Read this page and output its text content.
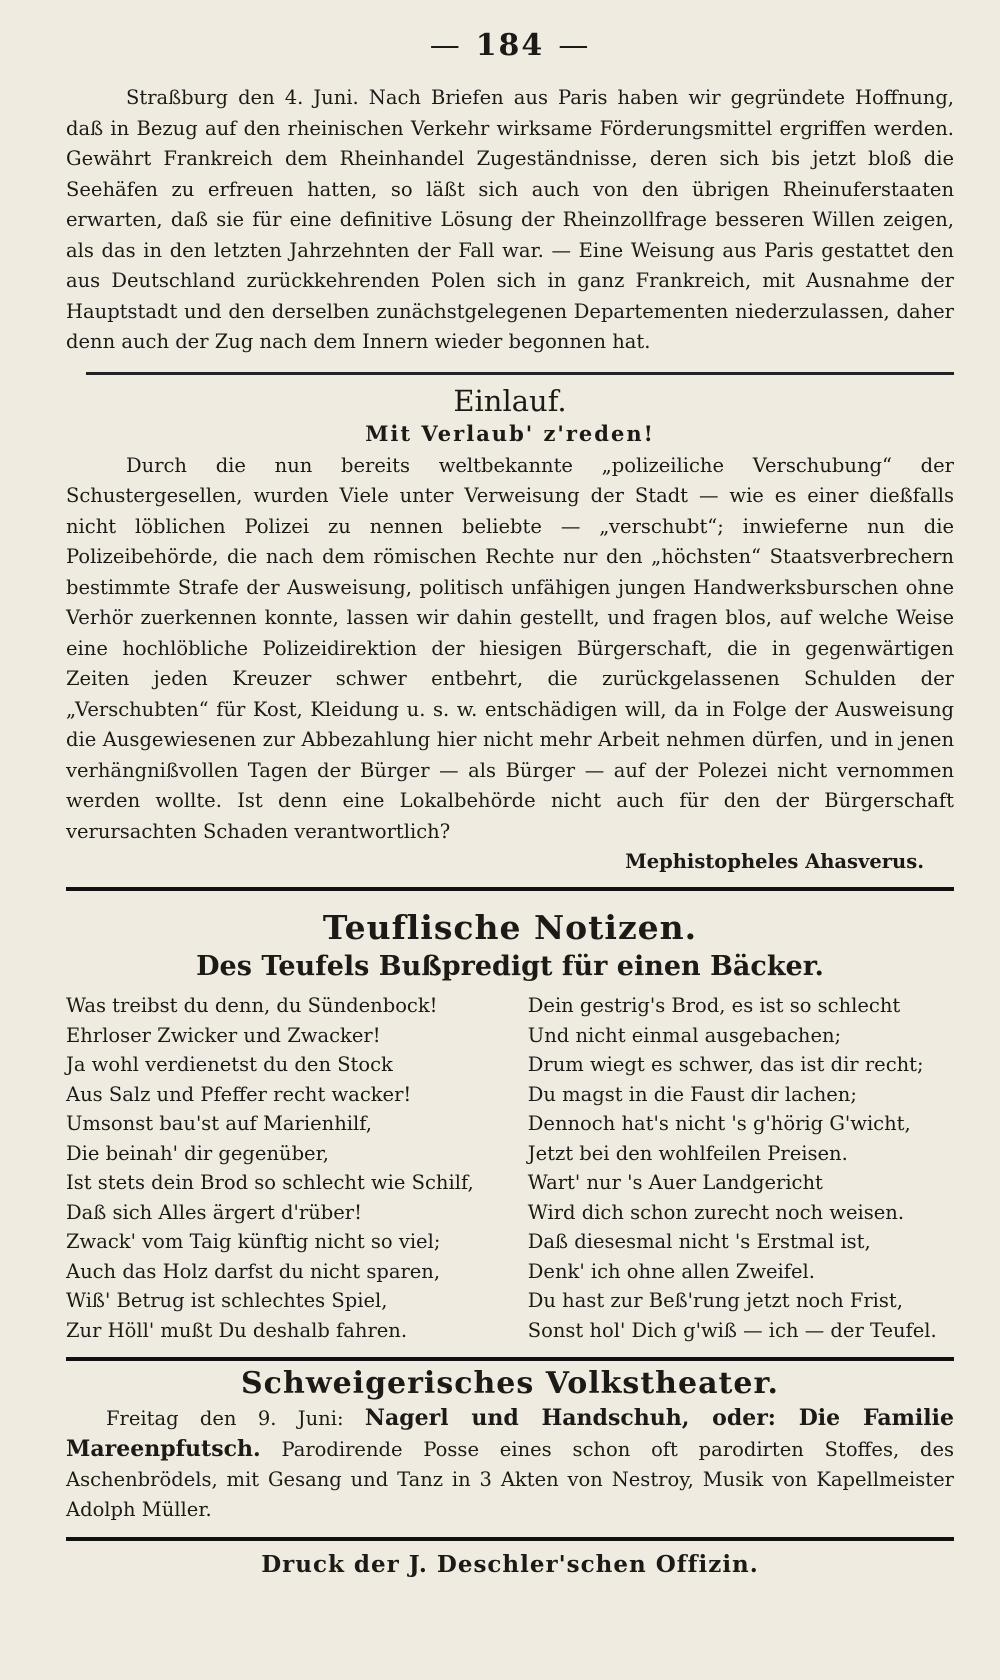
— 184 —

Straßburg den 4. Juni. Nach Briefen aus Paris haben wir gegründete Hoffnung, daß in Bezug auf den rheinischen Verkehr wirksame Förderungsmittel ergriffen werden. Gewährt Frankreich dem Rheinhandel Zugeständnisse, deren sich bis jetzt bloß die Seehäfen zu erfreuen hatten, so läßt sich auch von den übrigen Rheinuferstaaten erwarten, daß sie für eine definitive Lösung der Rheinzollfrage besseren Willen zeigen, als das in den letzten Jahrzehnten der Fall war. — Eine Weisung aus Paris gestattet den aus Deutschland zurückkehrenden Polen sich in ganz Frankreich, mit Ausnahme der Hauptstadt und den derselben zunächstgelegenen Departementen niederzulassen, daher denn auch der Zug nach dem Innern wieder begonnen hat.

Einlauf.
Mit Verlaub' z'reden!

Durch die nun bereits weltbekannte „polizeiliche Verschubung“ der Schustergesellen, wurden Viele unter Verweisung der Stadt — wie es einer dießfalls nicht löblichen Polizei zu nennen beliebte — „verschubt“; inwieferne nun die Polizeibehörde, die nach dem römischen Rechte nur den „höchsten“ Staatsverbrechern bestimmte Strafe der Ausweisung, politisch unfähigen jungen Handwerksburschen ohne Verhör zuerkennen konnte, lassen wir dahin gestellt, und fragen blos, auf welche Weise eine hochlöbliche Polizeidirektion der hiesigen Bürgerschaft, die in gegenwärtigen Zeiten jeden Kreuzer schwer entbehrt, die zurückgelassenen Schulden der „Verschubten“ für Kost, Kleidung u. s. w. entschädigen will, da in Folge der Ausweisung die Ausgewiesenen zur Abbezahlung hier nicht mehr Arbeit nehmen dürfen, und in jenen verhängnißvollen Tagen der Bürger — als Bürger — auf der Polezei nicht vernommen werden wollte. Ist denn eine Lokalbehörde nicht auch für den der Bürgerschaft verursachten Schaden verantwortlich?

Mephistopheles Ahasverus.
Teuflische Notizen.
Des Teufels Bußpredigt für einen Bäcker.
Was treibst du denn, du Sündenbock!
Ehrloser Zwicker und Zwacker!
Ja wohl verdienetst du den Stock
Aus Salz und Pfeffer recht wacker!
Umsonst bau'st auf Marienhilf,
Die beinah' dir gegenüber,
Ist stets dein Brod so schlecht wie Schilf,
Daß sich Alles ärgert d'rüber!
Zwack' vom Taig künftig nicht so viel;
Auch das Holz darfst du nicht sparen,
Wiß' Betrug ist schlechtes Spiel,
Zur Höll' mußt Du deshalb fahren.
Dein gestrig's Brod, es ist so schlecht
Und nicht einmal ausgebachen;
Drum wiegt es schwer, das ist dir recht;
Du magst in die Faust dir lachen;
Dennoch hat's nicht 's g'hörig G'wicht,
Jetzt bei den wohlfeilen Preisen.
Wart' nur 's Auer Landgericht
Wird dich schon zurecht noch weisen.
Daß diesesmal nicht 's Erstmal ist,
Denk' ich ohne allen Zweifel.
Du hast zur Beß'rung jetzt noch Frist,
Sonst hol' Dich g'wiß — ich — der Teufel.
Schweigerisches Volkstheater.

Freitag den 9. Juni: Nagerl und Handschuh, oder: Die Familie Mareenpfutsch. Parodirende Posse eines schon oft parodirten Stoffes, des Aschenbrödels, mit Gesang und Tanz in 3 Akten von Nestroy, Musik von Kapellmeister Adolph Müller.

Druck der J. Deschler'schen Offizin.
